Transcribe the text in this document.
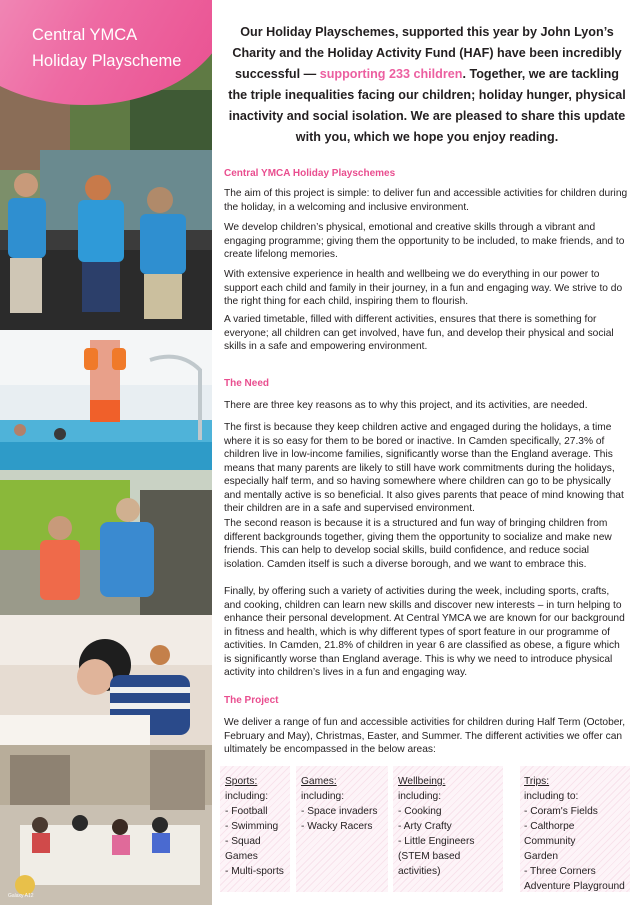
Central YMCA
Holiday Playscheme
Galaxy A12
Our Holiday Playschemes, supported this year by John Lyon’s Charity and the Holiday Activity Fund (HAF) have been incredibly successful — supporting 233 children. Together, we are tackling the triple inequalities facing our children; holiday hunger, physical inactivity and social isolation. We are pleased to share this update with you, which we hope you enjoy reading.
Central YMCA Holiday Playschemes
The aim of this project is simple: to deliver fun and accessible activities for children during the holiday, in a welcoming and inclusive environment.
We develop children’s physical, emotional and creative skills through a vibrant and engaging programme; giving them the opportunity to be included, to make friends, and to create lifelong memories.
With extensive experience in health and wellbeing we do everything in our power to support each child and family in their journey, in a fun and engaging way. We strive to do the right thing for each child, inspiring them to flourish.
A varied timetable, filled with different activities, ensures that there is something for everyone; all children can get involved, have fun, and develop their physical and social skills in a safe and empowering environment.
The Need
There are three key reasons as to why this project, and its activities, are needed.
The first is because they keep children active and engaged during the holidays, a time where it is so easy for them to be bored or inactive. In Camden specifically, 27.3% of children live in low-income families, significantly worse than the England average. This means that many parents are likely to still have work commitments during the holidays, especially half term, and so having somewhere where children can go to be physically and mentally active is so beneficial. It also gives parents that peace of mind knowing that their children are in a safe and supervised environment.
The second reason is because it is a structured and fun way of bringing children from different backgrounds together, giving them the opportunity to socialize and make new friends. This can help to develop social skills, build confidence, and reduce social isolation. Camden itself is such a diverse borough, and we want to embrace this.
Finally, by offering such a variety of activities during the week, including sports, crafts, and cooking, children can learn new skills and discover new interests – in turn helping to enhance their personal development. At Central YMCA we are known for our background in fitness and health, which is why different types of sport feature in our programme of activities. In Camden, 21.8% of children in year 6 are classified as obese, a figure which is significantly worse than England average. This is why we need to introduce physical activity into children’s lives in a fun and engaging way.
The Project
We deliver a range of fun and accessible activities for children during Half Term (October, February and May), Christmas, Easter, and Summer. The different activities we offer can ultimately be encompassed in the below areas:
Sports:
including:
- Football
- Swimming
- Squad Games
- Multi-sports
Games:
including:
- Space invaders
- Wacky Racers
Wellbeing:
including:
- Cooking
- Arty Crafty
- Little Engineers
(STEM based activities)
Trips:
including to:
- Coram's Fields
- Calthorpe Community
Garden
- Three Corners
Adventure Playground
